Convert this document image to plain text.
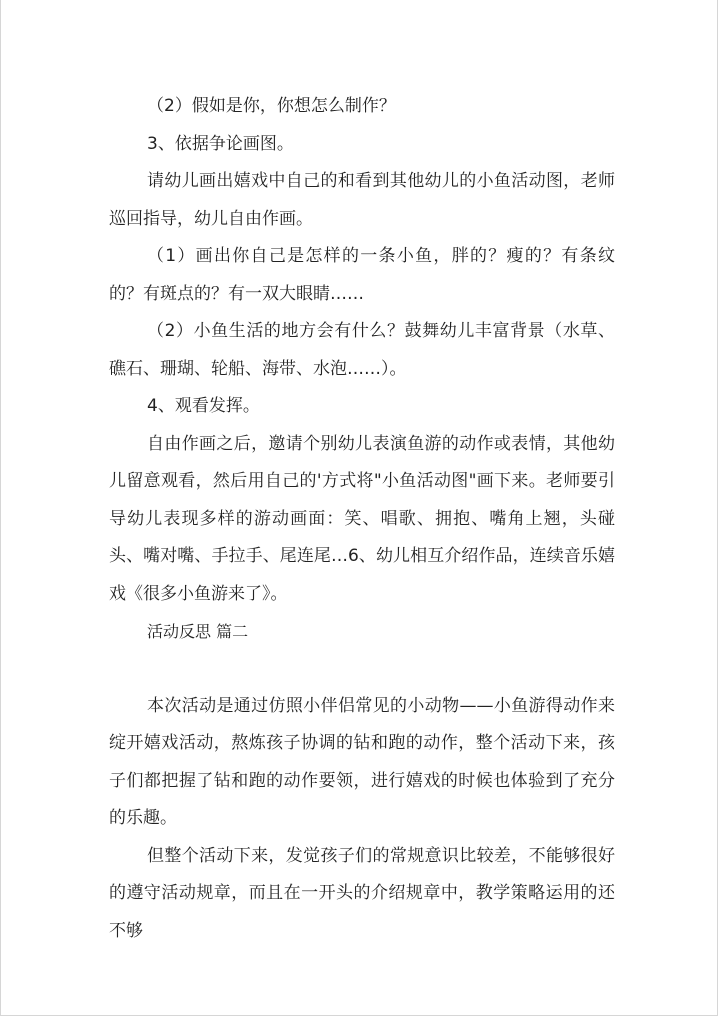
（2）假如是你，你想怎么制作？

3、依据争论画图。

请幼儿画出嬉戏中自己的和看到其他幼儿的小鱼活动图，老师巡回指导，幼儿自由作画。

（1）画出你自己是怎样的一条小鱼，胖的？瘦的？有条纹的？有斑点的？有一双大眼睛……

（2）小鱼生活的地方会有什么？鼓舞幼儿丰富背景（水草、礁石、珊瑚、轮船、海带、水泡……）。

4、观看发挥。

自由作画之后，邀请个别幼儿表演鱼游的动作或表情，其他幼儿留意观看，然后用自己的'方式将"小鱼活动图"画下来。老师要引导幼儿表现多样的游动画面：笑、唱歌、拥抱、嘴角上翘，头碰头、嘴对嘴、手拉手、尾连尾…6、幼儿相互介绍作品，连续音乐嬉戏《很多小鱼游来了》。

活动反思 篇二

本次活动是通过仿照小伴侣常见的小动物——小鱼游得动作来绽开嬉戏活动，熬炼孩子协调的钻和跑的动作，整个活动下来，孩子们都把握了钻和跑的动作要领，进行嬉戏的时候也体验到了充分的乐趣。

但整个活动下来，发觉孩子们的常规意识比较差，不能够很好的遵守活动规章，而且在一开头的介绍规章中，教学策略运用的还不够
